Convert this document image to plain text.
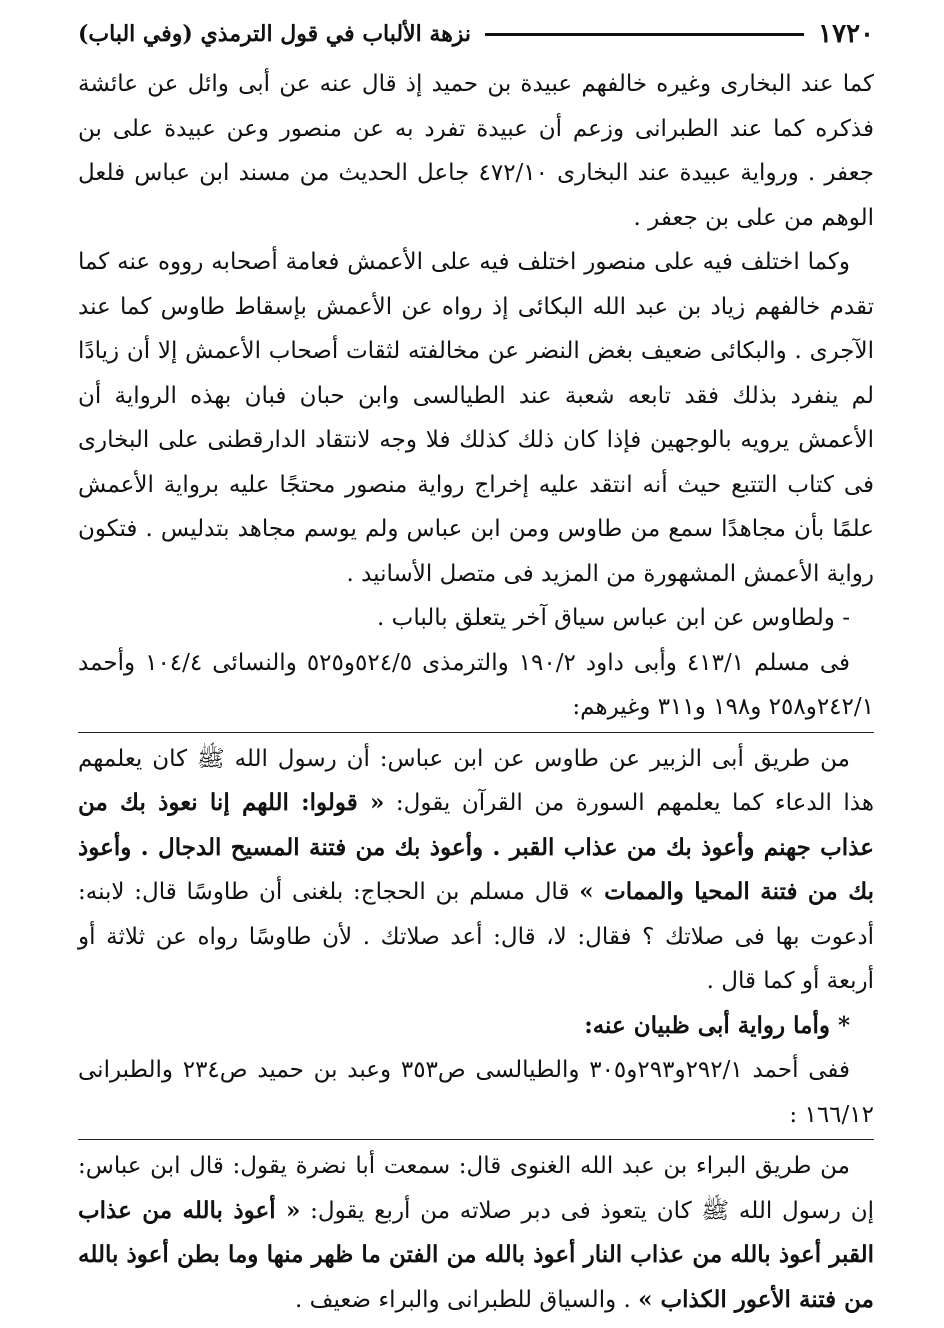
١٧٢٠
نزهة الألباب في قول الترمذي (وفي الباب)

كما عند البخارى وغيره خالفهم عبيدة بن حميد إذ قال عنه عن أبى وائل عن عائشة فذكره كما عند الطبرانى وزعم أن عبيدة تفرد به عن منصور وعن عبيدة على بن جعفر . ورواية عبيدة عند البخارى ٤٧٢/١٠ جاعل الحديث من مسند ابن عباس فلعل الوهم من على بن جعفر .

وكما اختلف فيه على منصور اختلف فيه على الأعمش فعامة أصحابه رووه عنه كما تقدم خالفهم زياد بن عبد الله البكائى إذ رواه عن الأعمش بإسقاط طاوس كما عند الآجرى . والبكائى ضعيف بغض النضر عن مخالفته لثقات أصحاب الأعمش إلا أن زيادًا لم ينفرد بذلك فقد تابعه شعبة عند الطيالسى وابن حبان فبان بهذه الرواية أن الأعمش يرويه بالوجهين فإذا كان ذلك كذلك فلا وجه لانتقاد الدارقطنى على البخارى فى كتاب التتبع حيث أنه انتقد عليه إخراج رواية منصور محتجًا عليه برواية الأعمش علمًا بأن مجاهدًا سمع من طاوس ومن ابن عباس ولم يوسم مجاهد بتدليس . فتكون رواية الأعمش المشهورة من المزيد فى متصل الأسانيد .

- ولطاوس عن ابن عباس سياق آخر يتعلق بالباب .

فى مسلم ٤١٣/١ وأبى داود ١٩٠/٢ والترمذى ٥٢٤/٥و٥٢٥ والنسائى ١٠٤/٤ وأحمد ٢٤٢/١و٢٥٨ و١٩٨ و٣١١ وغيرهم:

من طريق أبى الزبير عن طاوس عن ابن عباس: أن رسول الله ﷺ كان يعلمهم هذا الدعاء كما يعلمهم السورة من القرآن يقول: « قولوا: اللهم إنا نعوذ بك من عذاب جهنم وأعوذ بك من عذاب القبر . وأعوذ بك من فتنة المسيح الدجال . وأعوذ بك من فتنة المحيا والممات » قال مسلم بن الحجاج: بلغنى أن طاوسًا قال: لابنه: أدعوت بها فى صلاتك ؟ فقال: لا، قال: أعد صلاتك . لأن طاوسًا رواه عن ثلاثة أو أربعة أو كما قال .

* وأما رواية أبى ظبيان عنه:

ففى أحمد ٢٩٢/١و٢٩٣و٣٠٥ والطيالسى ص٣٥٣ وعبد بن حميد ص٢٣٤ والطبرانى ١٦٦/١٢ :

من طريق البراء بن عبد الله الغنوى قال: سمعت أبا نضرة يقول: قال ابن عباس: إن رسول الله ﷺ كان يتعوذ فى دبر صلاته من أربع يقول: « أعوذ بالله من عذاب القبر أعوذ بالله من عذاب النار أعوذ بالله من الفتن ما ظهر منها وما بطن أعوذ بالله من فتنة الأعور الكذاب » . والسياق للطبرانى والبراء ضعيف .
